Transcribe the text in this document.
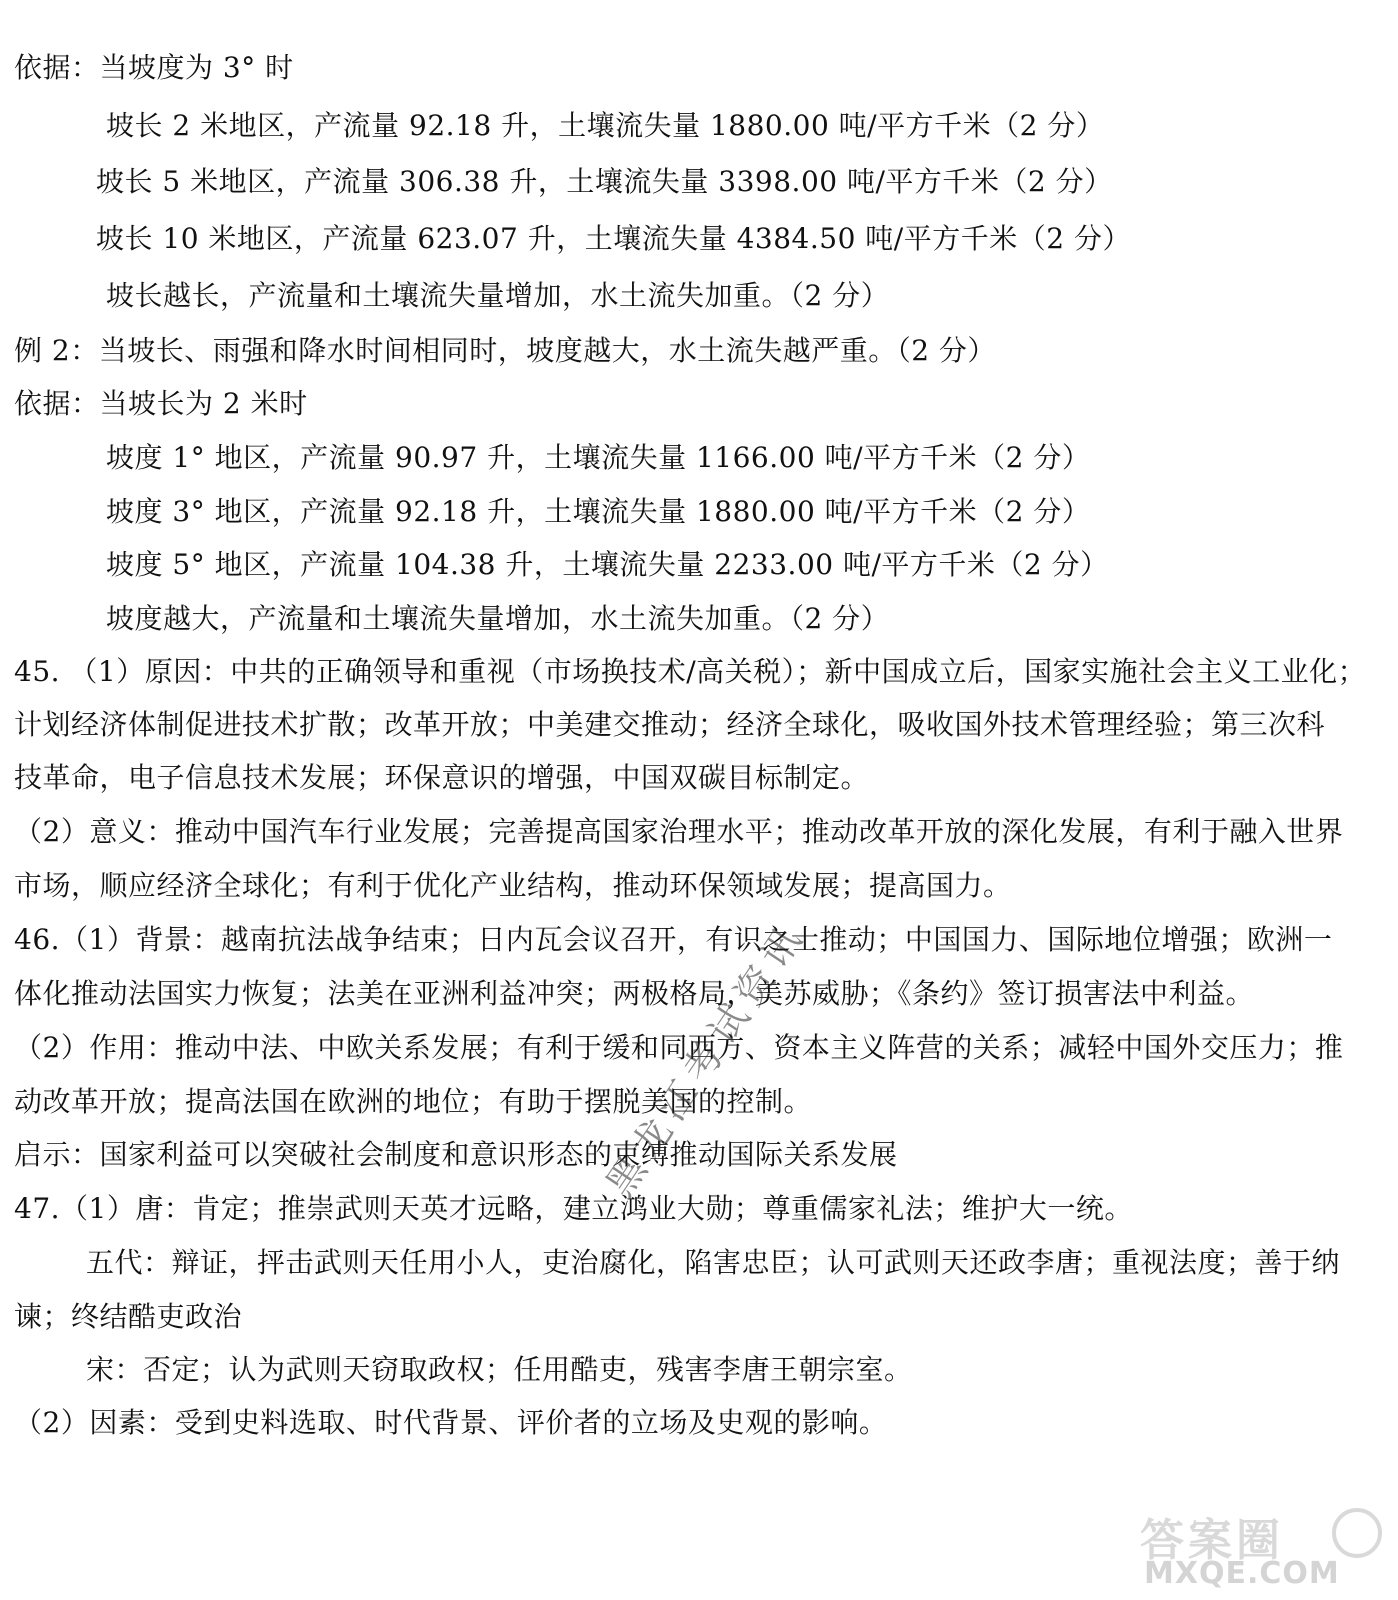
依据：当坡度为 3° 时
坡长 2 米地区，产流量 92.18 升，土壤流失量 1880.00 吨/平方千米（2 分）
坡长 5 米地区，产流量 306.38 升，土壤流失量 3398.00 吨/平方千米（2 分）
坡长 10 米地区，产流量 623.07 升，土壤流失量 4384.50 吨/平方千米（2 分）
坡长越长，产流量和土壤流失量增加，水土流失加重。（2 分）
例 2：当坡长、雨强和降水时间相同时，坡度越大，水土流失越严重。（2 分）
依据：当坡长为 2 米时
坡度 1° 地区，产流量 90.97 升，土壤流失量 1166.00 吨/平方千米（2 分）
坡度 3° 地区，产流量 92.18 升，土壤流失量 1880.00 吨/平方千米（2 分）
坡度 5° 地区，产流量 104.38 升，土壤流失量 2233.00 吨/平方千米（2 分）
坡度越大，产流量和土壤流失量增加，水土流失加重。（2 分）
45. （1）原因：中共的正确领导和重视（市场换技术/高关税）；新中国成立后，国家实施社会主义工业化；
计划经济体制促进技术扩散；改革开放；中美建交推动；经济全球化，吸收国外技术管理经验；第三次科
技革命，电子信息技术发展；环保意识的增强，中国双碳目标制定。
（2）意义：推动中国汽车行业发展；完善提高国家治理水平；推动改革开放的深化发展，有利于融入世界
市场，顺应经济全球化；有利于优化产业结构，推动环保领域发展；提高国力。
46.（1）背景：越南抗法战争结束；日内瓦会议召开，有识之士推动；中国国力、国际地位增强；欧洲一
体化推动法国实力恢复；法美在亚洲利益冲突；两极格局，美苏威胁；《条约》签订损害法中利益。
（2）作用：推动中法、中欧关系发展；有利于缓和同西方、资本主义阵营的关系；减轻中国外交压力；推
动改革开放；提高法国在欧洲的地位；有助于摆脱美国的控制。
启示：国家利益可以突破社会制度和意识形态的束缚推动国际关系发展
47.（1）唐：肯定；推崇武则天英才远略，建立鸿业大勋；尊重儒家礼法；维护大一统。
五代：辩证，抨击武则天任用小人，吏治腐化，陷害忠臣；认可武则天还政李唐；重视法度；善于纳
谏；终结酷吏政治
宋：否定；认为武则天窃取政权；任用酷吏，残害李唐王朝宗室。
（2）因素：受到史料选取、时代背景、评价者的立场及史观的影响。
黑龙江考试资讯
答案圈
MXQE.COM
